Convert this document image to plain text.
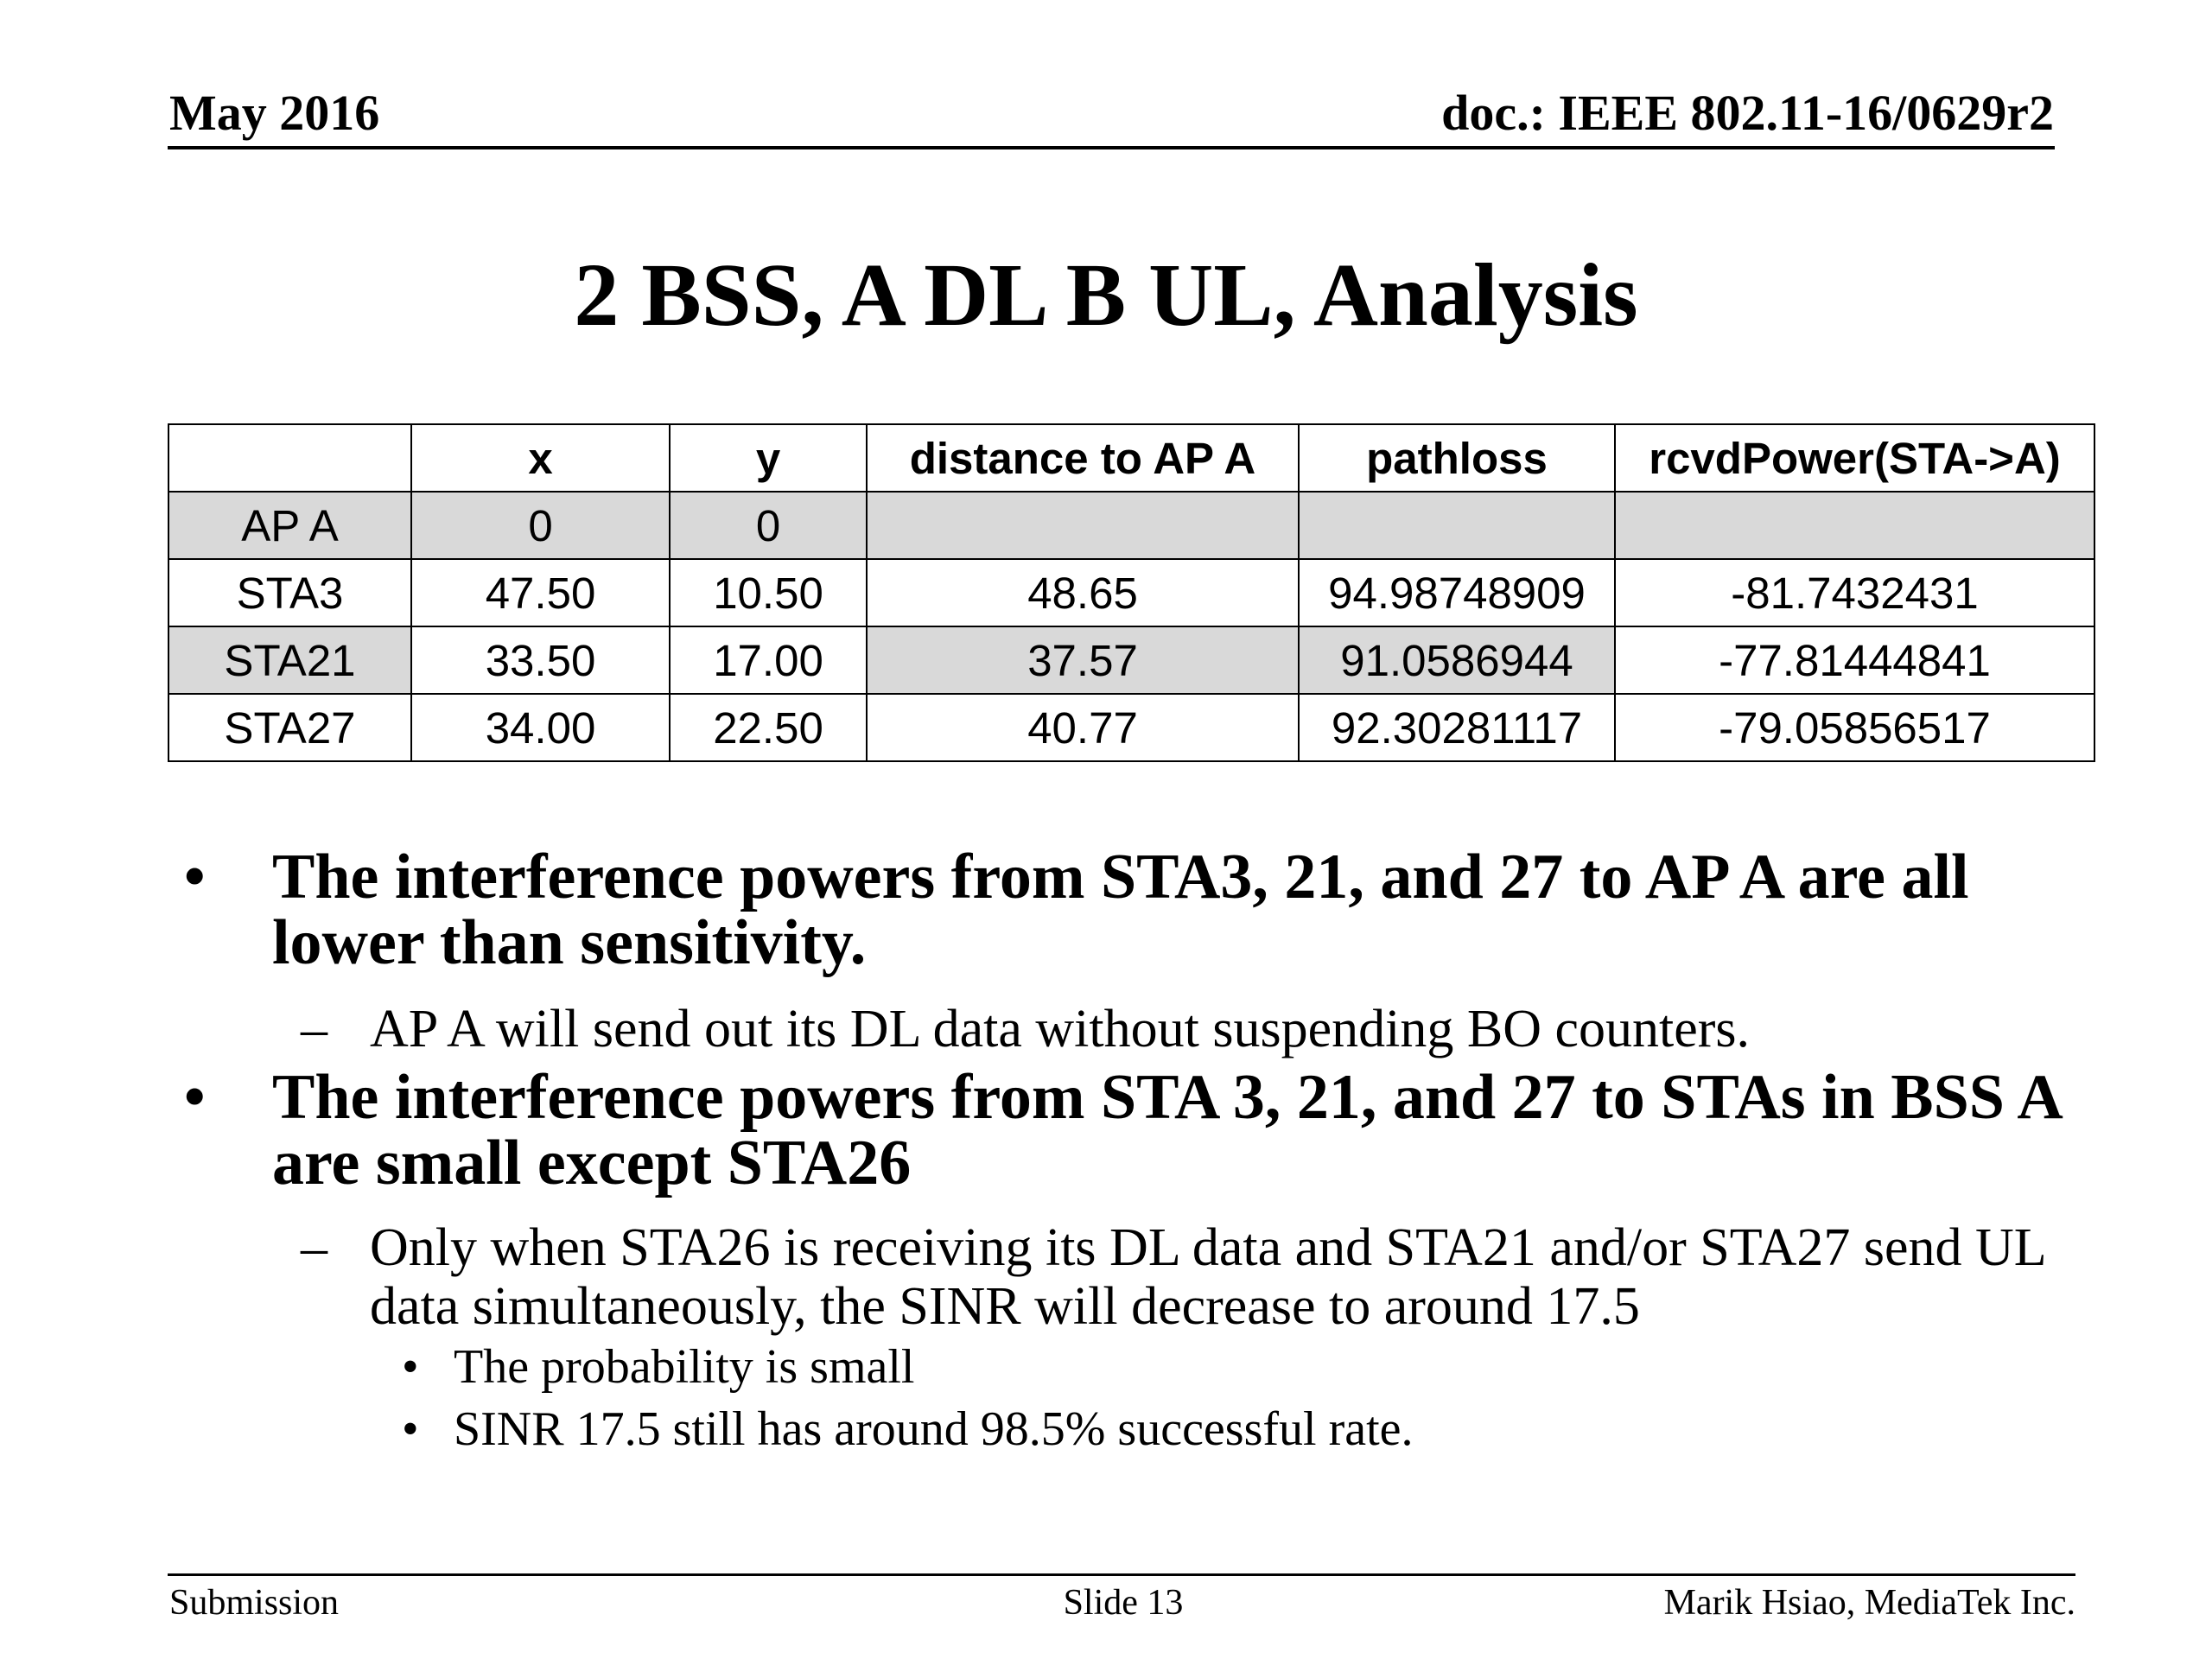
May 2016	doc.: IEEE 802.11-16/0629r2
2 BSS, A DL B UL, Analysis
	x	y	distance to AP A	pathloss	rcvdPower(STA->A)
AP A	0	0			
STA3	47.50	10.50	48.65	94.98748909	-81.7432431
STA21	33.50	17.00	37.57	91.0586944	-77.81444841
STA27	34.00	22.50	40.77	92.30281117	-79.05856517
• The interference powers from STA3, 21, and 27 to AP A are all lower than sensitivity.
– AP A will send out its DL data without suspending BO counters.
• The interference powers from STA 3, 21, and 27 to STAs in BSS A are small except STA26
– Only when STA26 is receiving its DL data and STA21 and/or STA27 send UL data simultaneously, the SINR will decrease to around 17.5
• The probability is small
• SINR 17.5 still has around 98.5% successful rate.
Submission	Slide 13	Marik Hsiao, MediaTek Inc.
